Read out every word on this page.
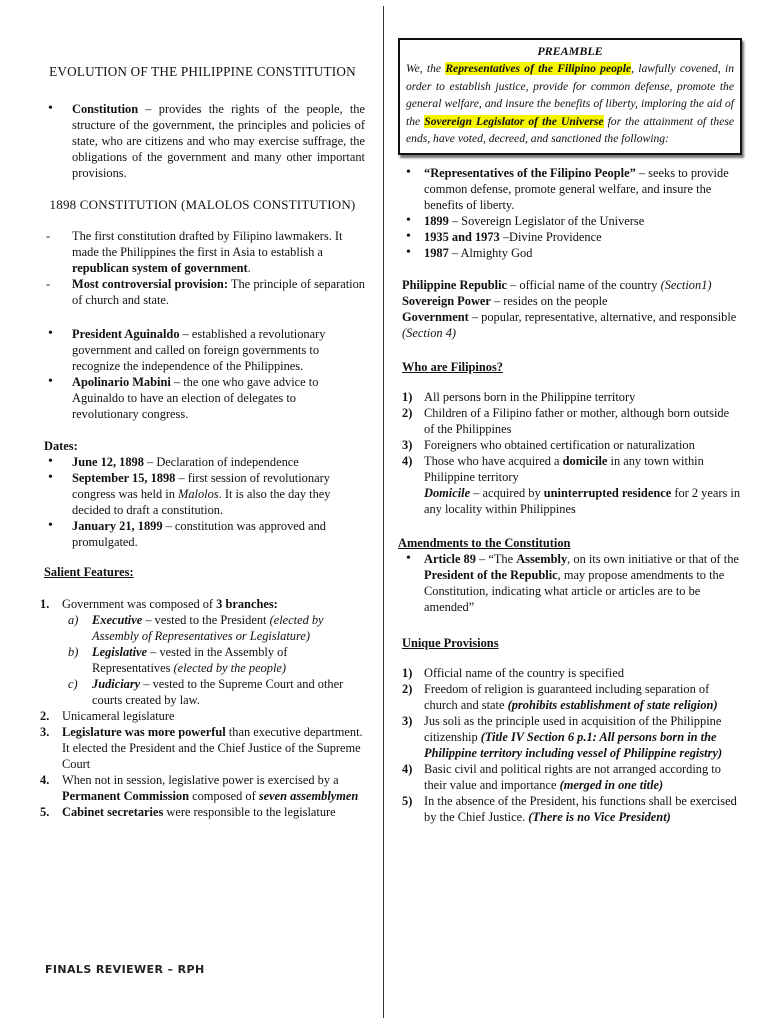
EVOLUTION OF THE PHILIPPINE CONSTITUTION
• Constitution – provides the rights of the people, the structure of the government, the principles and policies of state, who are citizens and who may exercise suffrage, the obligations of the government and many other important provisions.
1898 CONSTITUTION (MALOLOS CONSTITUTION)
- The first constitution drafted by Filipino lawmakers. It made the Philippines the first in Asia to establish a republican system of government.
- Most controversial provision: The principle of separation of church and state.
• President Aguinaldo – established a revolutionary government and called on foreign governments to recognize the independence of the Philippines.
• Apolinario Mabini – the one who gave advice to Aguinaldo to have an election of delegates to revolutionary congress.
Dates:
• June 12, 1898 – Declaration of independence
• September 15, 1898 – first session of revolutionary congress was held in Malolos. It is also the day they decided to draft a constitution.
• January 21, 1899 – constitution was approved and promulgated.
Salient Features:
1. Government was composed of 3 branches:
a) Executive – vested to the President (elected by Assembly of Representatives or Legislature)
b) Legislative – vested in the Assembly of Representatives (elected by the people)
c) Judiciary – vested to the Supreme Court and other courts created by law.
2. Unicameral legislature
3. Legislature was more powerful than executive department. It elected the President and the Chief Justice of the Supreme Court
4. When not in session, legislative power is exercised by a Permanent Commission composed of seven assemblymen
5. Cabinet secretaries were responsible to the legislature
PREAMBLE
We, the Representatives of the Filipino people, lawfully covened, in order to establish justice, provide for common defense, promote the general welfare, and insure the benefits of liberty, imploring the aid of the Sovereign Legislator of the Universe for the attainment of these ends, have voted, decreed, and sanctioned the following:
• “Representatives of the Filipino People” – seeks to provide common defense, promote general welfare, and insure the benefits of liberty.
• 1899 – Sovereign Legislator of the Universe
• 1935 and 1973 –Divine Providence
• 1987 – Almighty God
Philippine Republic – official name of the country (Section1)
Sovereign Power – resides on the people
Government – popular, representative, alternative, and responsible (Section 4)
Who are Filipinos?
1) All persons born in the Philippine territory
2) Children of a Filipino father or mother, although born outside of the Philippines
3) Foreigners who obtained certification or naturalization
4) Those who have acquired a domicile in any town within Philippine territory
Domicile – acquired by uninterrupted residence for 2 years in any locality within Philippines
Amendments to the Constitution
• Article 89 – “The Assembly, on its own initiative or that of the President of the Republic, may propose amendments to the Constitution, indicating what article or articles are to be amended”
Unique Provisions
1) Official name of the country is specified
2) Freedom of religion is guaranteed including separation of church and state (prohibits establishment of state religion)
3) Jus soli as the principle used in acquisition of the Philippine citizenship (Title IV Section 6 p.1: All persons born in the Philippine territory including vessel of Philippine registry)
4) Basic civil and political rights are not arranged according to their value and importance (merged in one title)
5) In the absence of the President, his functions shall be exercised by the Chief Justice. (There is no Vice President)
FINALS REVIEWER – RPH
